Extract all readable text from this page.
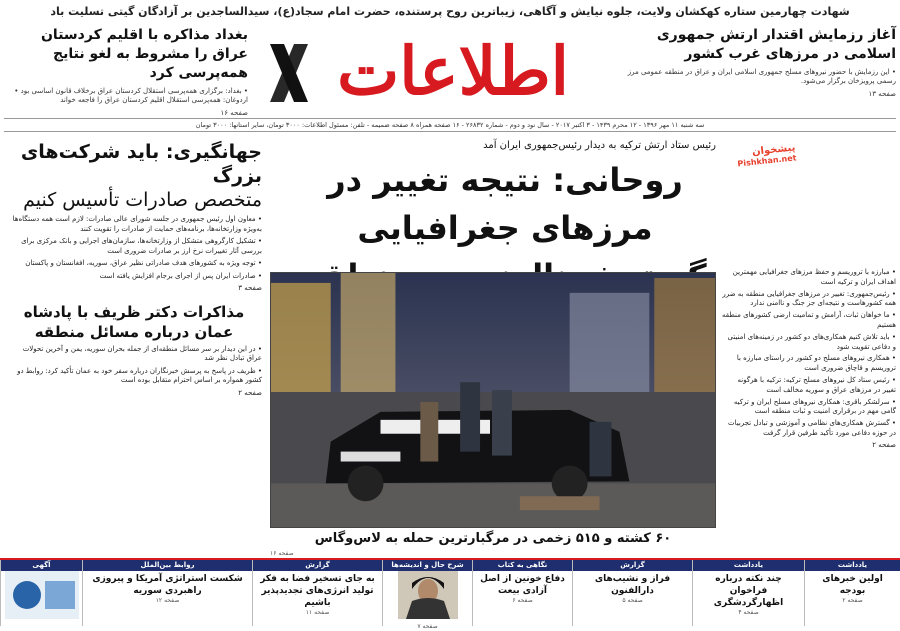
شهادت چهارمین ستاره کهکشان ولایت، جلوه نیایش و آگاهی، زیباترین روح پرستنده، حضرت امام سجاد(ع)، سیدالساجدین بر آزادگان گیتی تسلیت باد
آغاز رزمایش اقتدار ارتش جمهوری اسلامی در مرزهای غرب کشور
• این رزمایش با حضور نیروهای مسلح جمهوری اسلامی ایران و عراق در منطقه عمومی مرز رسمی پرویزخان برگزار می‌شود.
صفحه ۱۳
اطلاعات
بغداد مذاکره با اقلیم کردستان عراق را مشروط به لغو نتایج همه‌پرسی کرد
• بغداد: برگزاری همه‌پرسی استقلال کردستان عراق برخلاف قانون اساسی بود • اردوغان: همه‌پرسی استقلال اقلیم کردستان عراق را فاجعه خواند
صفحه ۱۶
سه شنبه ۱۱ مهر ۱۳۹۶ - ۱۲ محرم ۱۴۳۹ - ۳ اکتبر ۲۰۱۷ - سال نود و دوم - شماره ۲۶۸۳۲ - ۱۶ صفحه همراه ۸ صفحه ضمیمه - تلفن: مسئول اطلاعات: ۳۰۰۰ تومان، سایر استانها: ۳۰۰۰ تومان
جهانگیری: باید شرکت‌های بزرگ
متخصص صادرات تأسیس کنیم
• معاون اول رئیس جمهوری در جلسه شورای عالی صادرات: لازم است همه دستگاه‌ها به‌ویژه وزارتخانه‌ها، برنامه‌های حمایت از صادرات را تقویت کنند
• تشکیل کارگروهی متشکل از وزارتخانه‌ها، سازمان‌های اجرایی و بانک مرکزی برای بررسی آثار تغییرات نرخ ارز بر صادرات ضروری است
• توجه ویژه به کشورهای هدف صادراتی نظیر عراق، سوریه، افغانستان و پاکستان
• صادرات ایران پس از اجرای برجام افزایش یافته است
صفحه ۳
مذاکرات دکتر ظریف با پادشاه عمان درباره مسائل منطقه
• در این دیدار بر سر مسائل منطقه‌ای از جمله بحران سوریه، یمن و آخرین تحولات عراق تبادل نظر شد
• ظریف در پاسخ به پرسش خبرنگاران درباره سفر خود به عمان تأکید کرد: روابط دو کشور همواره بر اساس احترام متقابل بوده است
صفحه ۲
رئیس ستاد ارتش ترکیه به دیدار رئیس‌جمهوری ایران آمد
روحانی: نتیجه تغییر در مرزهای جغرافیایی
پیشخوان
Pishkhan.net
• مبارزه با تروریسم و حفظ مرزهای جغرافیایی مهمترین اهداف ایران و ترکیه است
• رئیس‌جمهوری: تغییر در مرزهای جغرافیایی منطقه به ضرر همه کشورهاست و نتیجه‌ای جز جنگ و ناامنی ندارد
• ما خواهان ثبات، آرامش و تمامیت ارضی کشورهای منطقه هستیم
• باید تلاش کنیم همکاری‌های دو کشور در زمینه‌های امنیتی و دفاعی تقویت شود
• همکاری نیروهای مسلح دو کشور در راستای مبارزه با تروریسم و قاچاق ضروری است
• رئیس ستاد کل نیروهای مسلح ترکیه: ترکیه با هرگونه تغییر در مرزهای عراق و سوریه مخالف است
• سرلشکر باقری: همکاری نیروهای مسلح ایران و ترکیه گامی مهم در برقراری امنیت و ثبات منطقه است
• گسترش همکاری‌های نظامی و آموزشی و تبادل تجربیات در حوزه دفاعی مورد تأکید طرفین قرار گرفت
صفحه ۲
۶۰ کشته و ۵۱۵ زخمی در مرگبارترین حمله به لاس‌وگاس
صفحه ۱۶
یادداشت
اولین خبرهای بودجه
صفحه ۲
یادداشت
چند نکته درباره فراخوان اظهارگردشگری
صفحه ۴
گزارش
فراز و نشیب‌های دارالفنون
صفحه ۵
نگاهی به کتاب
دفاع خونین از اصل آزادی بیعت
صفحه ۶
شرح حال و اندیشه‌ها
صفحه ۷
گزارش
به جای تسخیر فضا به فکر تولید انرژی‌های تجدیدپذیر باشیم
صفحه ۱۱
روابط بین‌الملل
شکست استراتژی آمریکا و پیروزی راهبردی سوریه
صفحه ۱۲
آگهی
